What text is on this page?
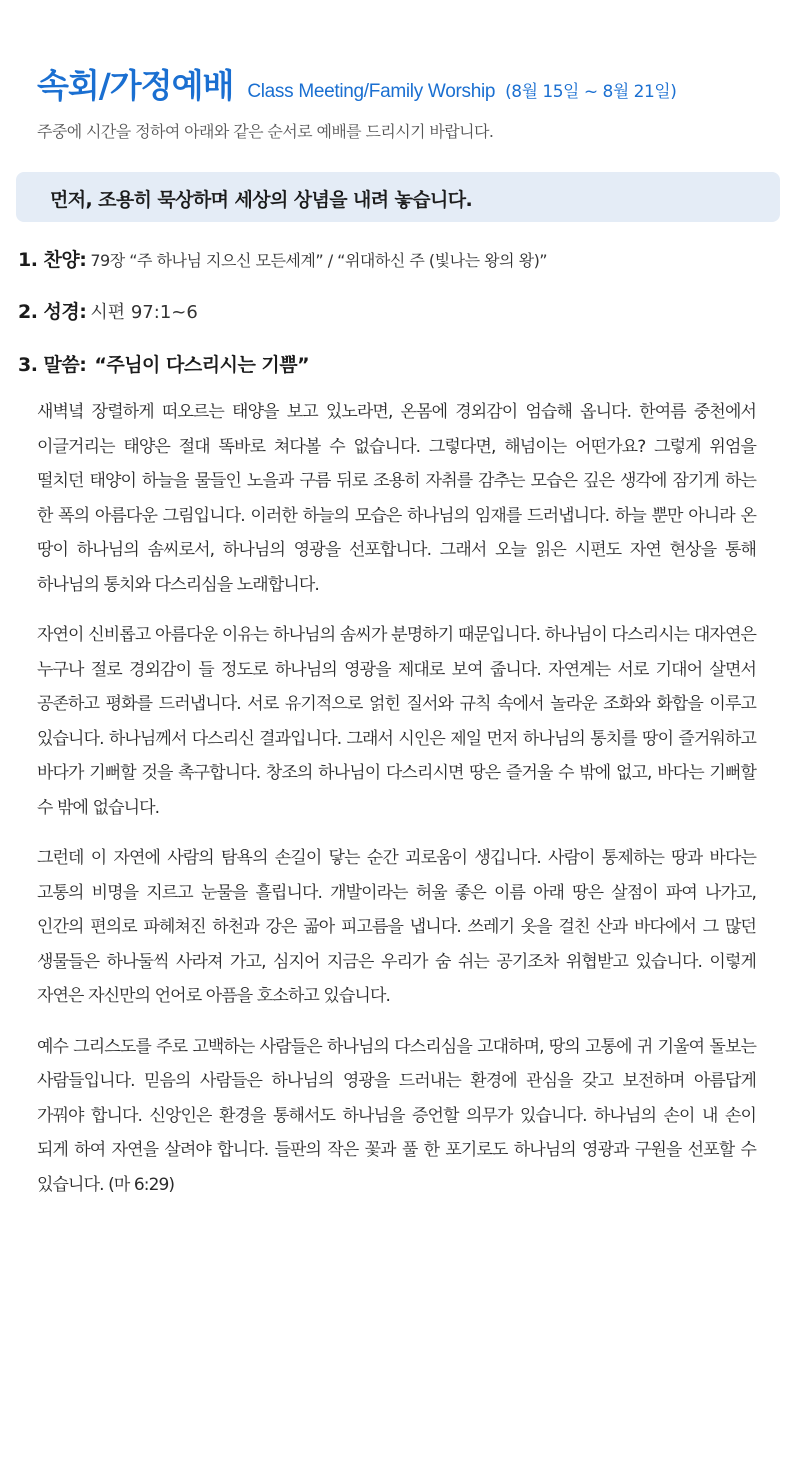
속회/가정예배 Class Meeting/Family Worship (8월 15일 ~ 8월 21일)
주중에 시간을 정하여 아래와 같은 순서로 예배를 드리시기 바랍니다.
먼저, 조용히 묵상하며 세상의 상념을 내려 놓습니다.
1. 찬양: 79장 “주 하나님 지으신 모든세계” / “위대하신 주 (빛나는 왕의 왕)”
2. 성경: 시편 97:1~6
3. 말씀: “주님이 다스리시는 기쁨”

새벽녘 장렬하게 떠오르는 태양을 보고 있노라면, 온몸에 경외감이 엄습해 옵니다. 한여름 중천에서 이글거리는 태양은 절대 똑바로 쳐다볼 수 없습니다. 그렇다면, 해넘이는 어떤가요? 그렇게 위엄을 떨치던 태양이 하늘을 물들인 노을과 구름 뒤로 조용히 자취를 감추는 모습은 깊은 생각에 잠기게 하는 한 폭의 아름다운 그림입니다. 이러한 하늘의 모습은 하나님의 임재를 드러냅니다. 하늘 뿐만 아니라 온 땅이 하나님의 솜씨로서, 하나님의 영광을 선포합니다. 그래서 오늘 읽은 시편도 자연 현상을 통해 하나님의 통치와 다스리심을 노래합니다.

자연이 신비롭고 아름다운 이유는 하나님의 솜씨가 분명하기 때문입니다. 하나님이 다스리시는 대자연은 누구나 절로 경외감이 들 정도로 하나님의 영광을 제대로 보여 줍니다. 자연계는 서로 기대어 살면서 공존하고 평화를 드러냅니다. 서로 유기적으로 얽힌 질서와 규칙 속에서 놀라운 조화와 화합을 이루고 있습니다. 하나님께서 다스리신 결과입니다. 그래서 시인은 제일 먼저 하나님의 통치를 땅이 즐거워하고 바다가 기뻐할 것을 촉구합니다. 창조의 하나님이 다스리시면 땅은 즐거울 수 밖에 없고, 바다는 기뻐할 수 밖에 없습니다.

그런데 이 자연에 사람의 탐욕의 손길이 닿는 순간 괴로움이 생깁니다. 사람이 통제하는 땅과 바다는 고통의 비명을 지르고 눈물을 흘립니다. 개발이라는 허울 좋은 이름 아래 땅은 살점이 파여 나가고, 인간의 편의로 파헤쳐진 하천과 강은 곪아 피고름을 냅니다. 쓰레기 옷을 걸친 산과 바다에서 그 많던 생물들은 하나둘씩 사라져 가고, 심지어 지금은 우리가 숨 쉬는 공기조차 위협받고 있습니다. 이렇게 자연은 자신만의 언어로 아픔을 호소하고 있습니다.

예수 그리스도를 주로 고백하는 사람들은 하나님의 다스리심을 고대하며, 땅의 고통에 귀 기울여 돌보는 사람들입니다. 믿음의 사람들은 하나님의 영광을 드러내는 환경에 관심을 갖고 보전하며 아름답게 가꿔야 합니다. 신앙인은 환경을 통해서도 하나님을 증언할 의무가 있습니다. 하나님의 손이 내 손이 되게 하여 자연을 살려야 합니다. 들판의 작은 꽃과 풀 한 포기로도 하나님의 영광과 구원을 선포할 수 있습니다. (마 6:29)
